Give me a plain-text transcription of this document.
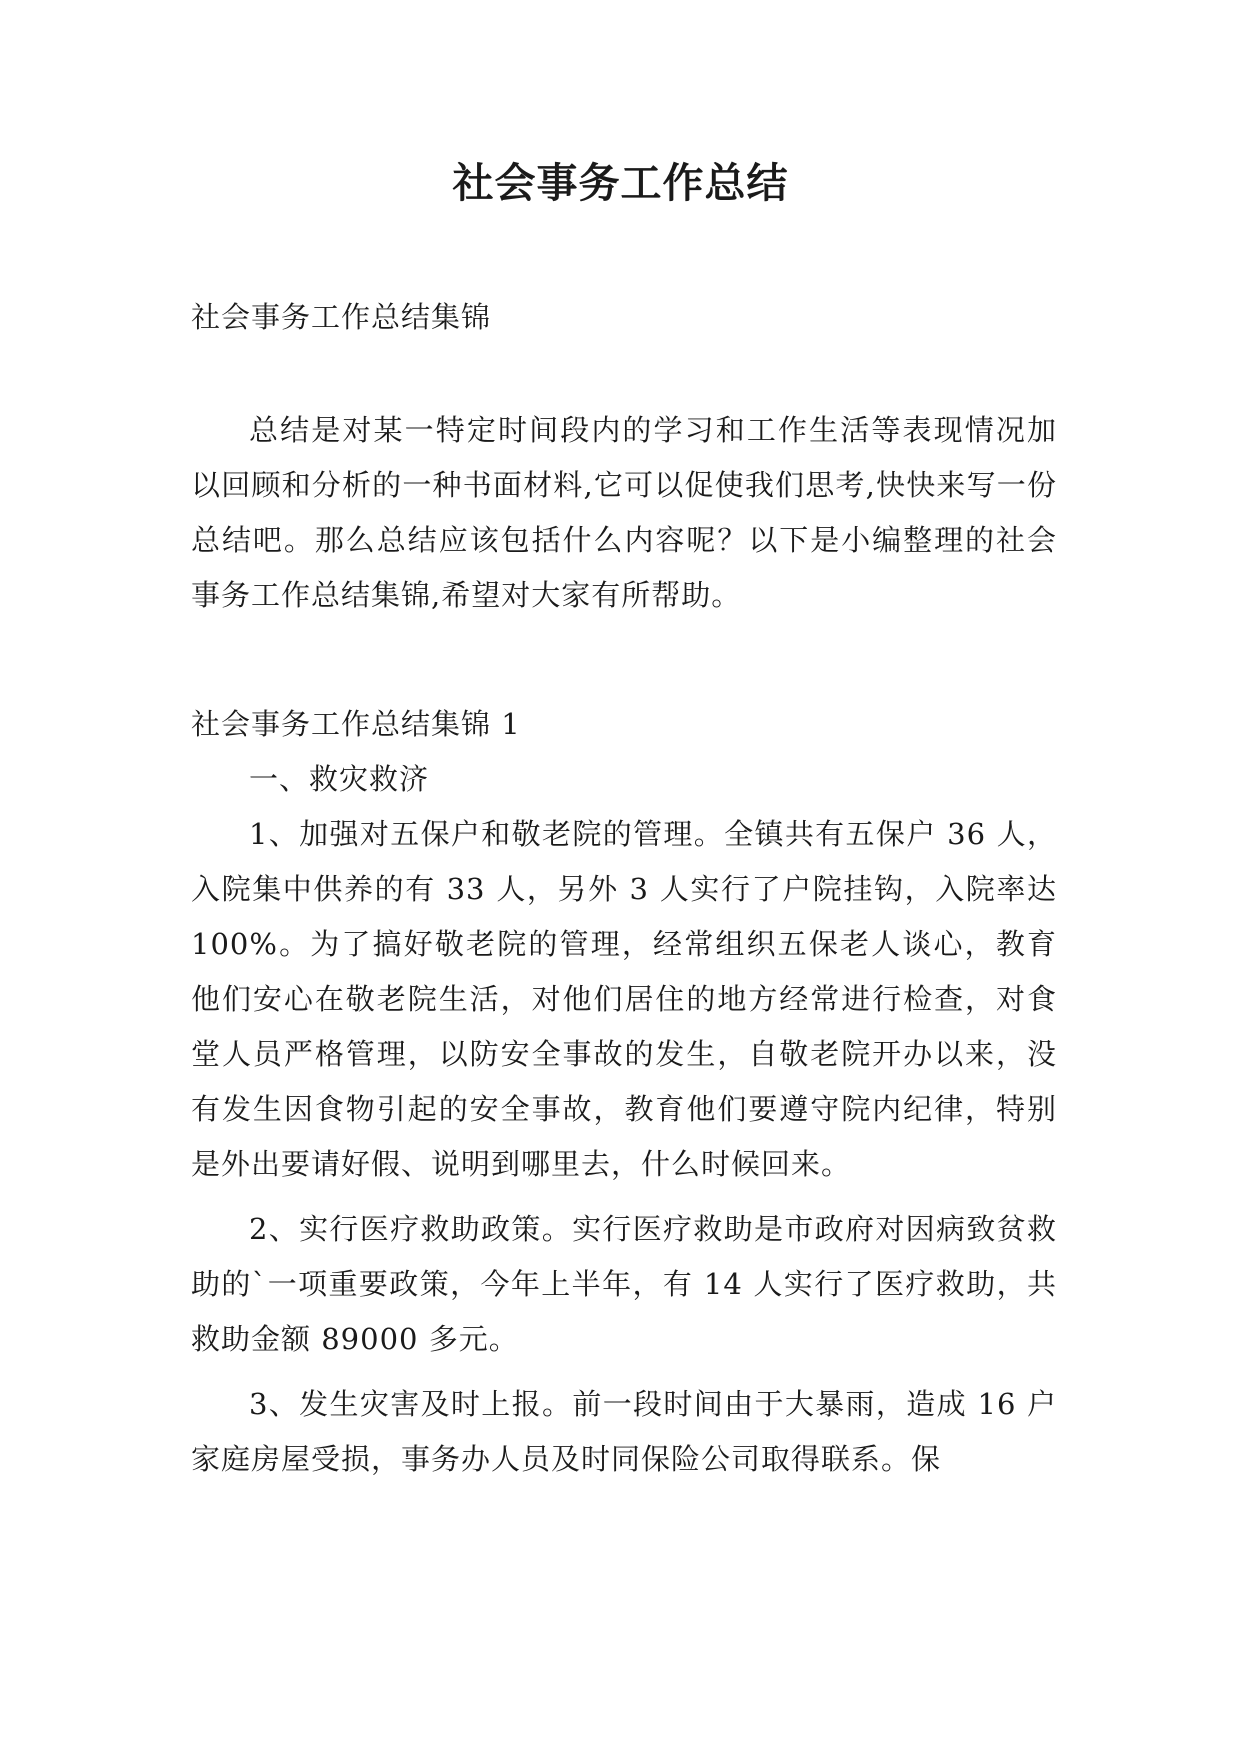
社会事务工作总结
社会事务工作总结集锦

总结是对某一特定时间段内的学习和工作生活等表现情况加以回顾和分析的一种书面材料,它可以促使我们思考,快快来写一份总结吧。那么总结应该包括什么内容呢？以下是小编整理的社会事务工作总结集锦,希望对大家有所帮助。

社会事务工作总结集锦 1

一、救灾救济

1、加强对五保户和敬老院的管理。全镇共有五保户 36 人，入院集中供养的有 33 人，另外 3 人实行了户院挂钩，入院率达 100%。为了搞好敬老院的管理，经常组织五保老人谈心，教育他们安心在敬老院生活，对他们居住的地方经常进行检查，对食堂人员严格管理，以防安全事故的发生，自敬老院开办以来，没有发生因食物引起的安全事故，教育他们要遵守院内纪律，特别是外出要请好假、说明到哪里去，什么时候回来。

2、实行医疗救助政策。实行医疗救助是市政府对因病致贫救助的`一项重要政策，今年上半年，有 14 人实行了医疗救助，共救助金额 89000 多元。

3、发生灾害及时上报。前一段时间由于大暴雨，造成 16 户家庭房屋受损，事务办人员及时同保险公司取得联系。保
